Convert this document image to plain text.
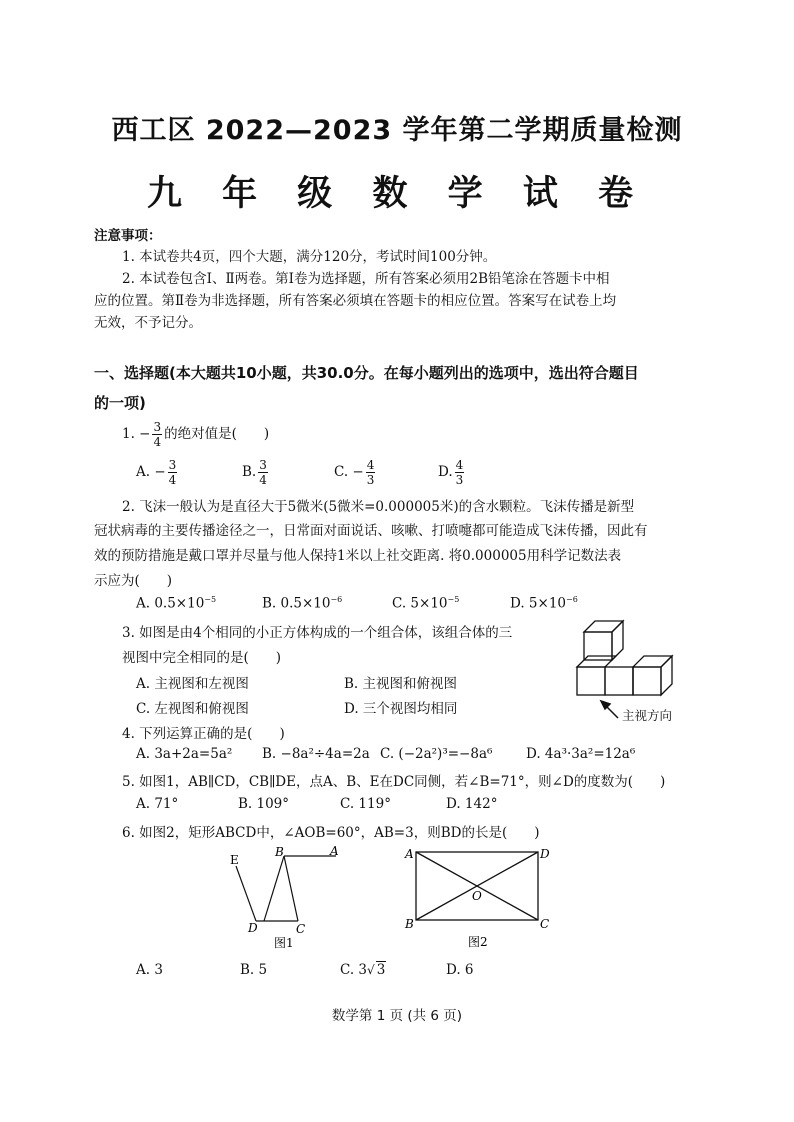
西工区 2022—2023 学年第二学期质量检测
九 年 级 数 学 试 卷
注意事项：
1. 本试卷共4页，四个大题，满分120分，考试时间100分钟。
2. 本试卷包含Ⅰ、Ⅱ两卷。第Ⅰ卷为选择题，所有答案必须用2B铅笔涂在答题卡中相
应的位置。第Ⅱ卷为非选择题，所有答案必须填在答题卡的相应位置。答案写在试卷上均
无效，不予记分。
一、选择题(本大题共10小题，共30.0分。在每小题列出的选项中，选出符合题目
的一项)
1. − $\frac{3}{4}$ 的绝对值是(　　)
A. − $\frac{3}{4}$	B. $\frac{3}{4}$	C. − $\frac{4}{3}$	D. $\frac{4}{3}$
2. 飞沫一般认为是直径大于5微米(5微米=0.000005米)的含水颗粒。飞沫传播是新型
冠状病毒的主要传播途径之一，日常面对面说话、咳嗽、打喷嚏都可能造成飞沫传播，因此有
效的预防措施是戴口罩并尽量与他人保持1米以上社交距离. 将0.000005用科学记数法表
示应为(　　)
A. $0.5\times 10^{-5}$	B. $0.5\times 10^{-6}$	C. $5\times 10^{-5}$	D. $5\times 10^{-6}$
3. 如图是由4个相同的小正方体构成的一个组合体，该组合体的三
视图中完全相同的是(　　)
A. 主视图和左视图	B. 主视图和俯视图
C. 左视图和俯视图	D. 三个视图均相同	主视方向
4. 下列运算正确的是(　　)
A. 3a+2a=5a² B. −8a²÷4a=2a C. (−2a²)³=−8a⁶ D. 4a³·3a²=12a⁶
5. 如图1，AB∥CD，CB∥DE，点A、B、E在DC同侧，若∠B=71°，则∠D的度数为(　　)
A. 71°	B. 109°	C. 119°	D. 142°
6. 如图2，矩形ABCD中，∠AOB=60°，AB=3，则BD的长是(　　)
E
B	A
D	C
图1
A	D
B	C
O
图2
A. 3	B. 5	C. 3√ 3	D. 6
数学第 1 页 (共 6 页)
